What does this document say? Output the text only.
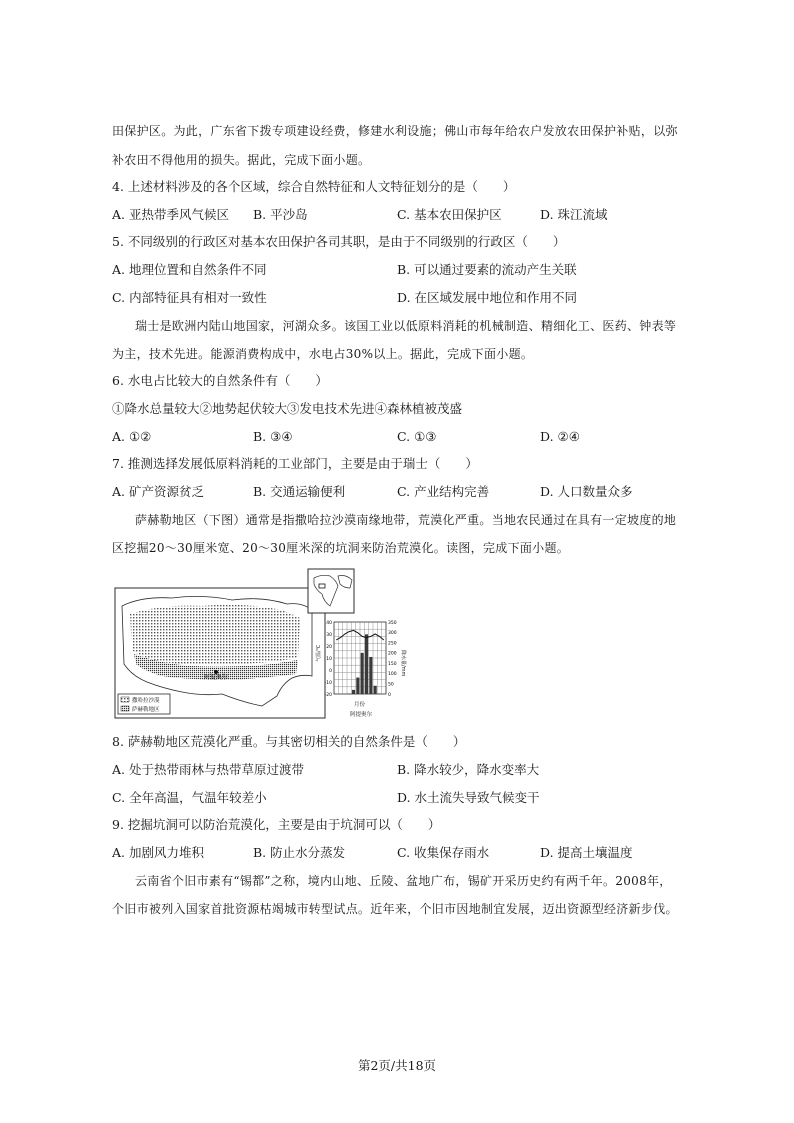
田保护区。为此，广东省下拨专项建设经费，修建水利设施；佛山市每年给农户发放农田保护补贴，以弥
补农田不得他用的损失。据此，完成下面小题。
4. 上述材料涉及的各个区域，综合自然特征和人文特征划分的是（　　）
A. 亚热带季风气候区 B. 平沙岛	C. 基本农田保护区	D. 珠江流域
5. 不同级别的行政区对基本农田保护各司其职，是由于不同级别的行政区（　　）
A. 地理位置和自然条件不同	B. 可以通过要素的流动产生关联
C. 内部特征具有相对一致性	D. 在区域发展中地位和作用不同
瑞士是欧洲内陆山地国家，河湖众多。该国工业以低原料消耗的机械制造、精细化工、医药、钟表等
为主，技术先进。能源消费构成中，水电占30%以上。据此，完成下面小题。
6. 水电占比较大的自然条件有（　　）
①降水总量较大②地势起伏较大③发电技术先进④森林植被茂盛
A. ①②	B. ③④	C. ①③	D. ②④
7. 推测选择发展低原料消耗的工业部门，主要是由于瑞士（　　）
A. 矿产资源贫乏	B. 交通运输便利	C. 产业结构完善	D. 人口数量众多
萨赫勒地区（下图）通常是指撒哈拉沙漠南缘地带，荒漠化严重。当地农民通过在具有一定坡度的地
区挖掘20～30厘米宽、20～30厘米深的坑洞来防治荒漠化。读图，完成下面小题。
阿提奥尔
撒哈拉沙漠
萨赫勒地区
40
30
20
10
0
-10
-20
350
300
250
200
150
100
50
0
气温/℃	降水量/mm
月份
阿提奥尔
8. 萨赫勒地区荒漠化严重。与其密切相关的自然条件是（　　）
A. 处于热带雨林与热带草原过渡带	B. 降水较少，降水变率大
C. 全年高温，气温年较差小	D. 水土流失导致气候变干
9. 挖掘坑洞可以防治荒漠化，主要是由于坑洞可以（　　）
A. 加剧风力堆积	B. 防止水分蒸发	C. 收集保存雨水	D. 提高土壤温度
云南省个旧市素有“锡都”之称，境内山地、丘陵、盆地广布，锡矿开采历史约有两千年。2008年，
个旧市被列入国家首批资源枯竭城市转型试点。近年来，个旧市因地制宜发展，迈出资源型经济新步伐。
第2页/共18页
